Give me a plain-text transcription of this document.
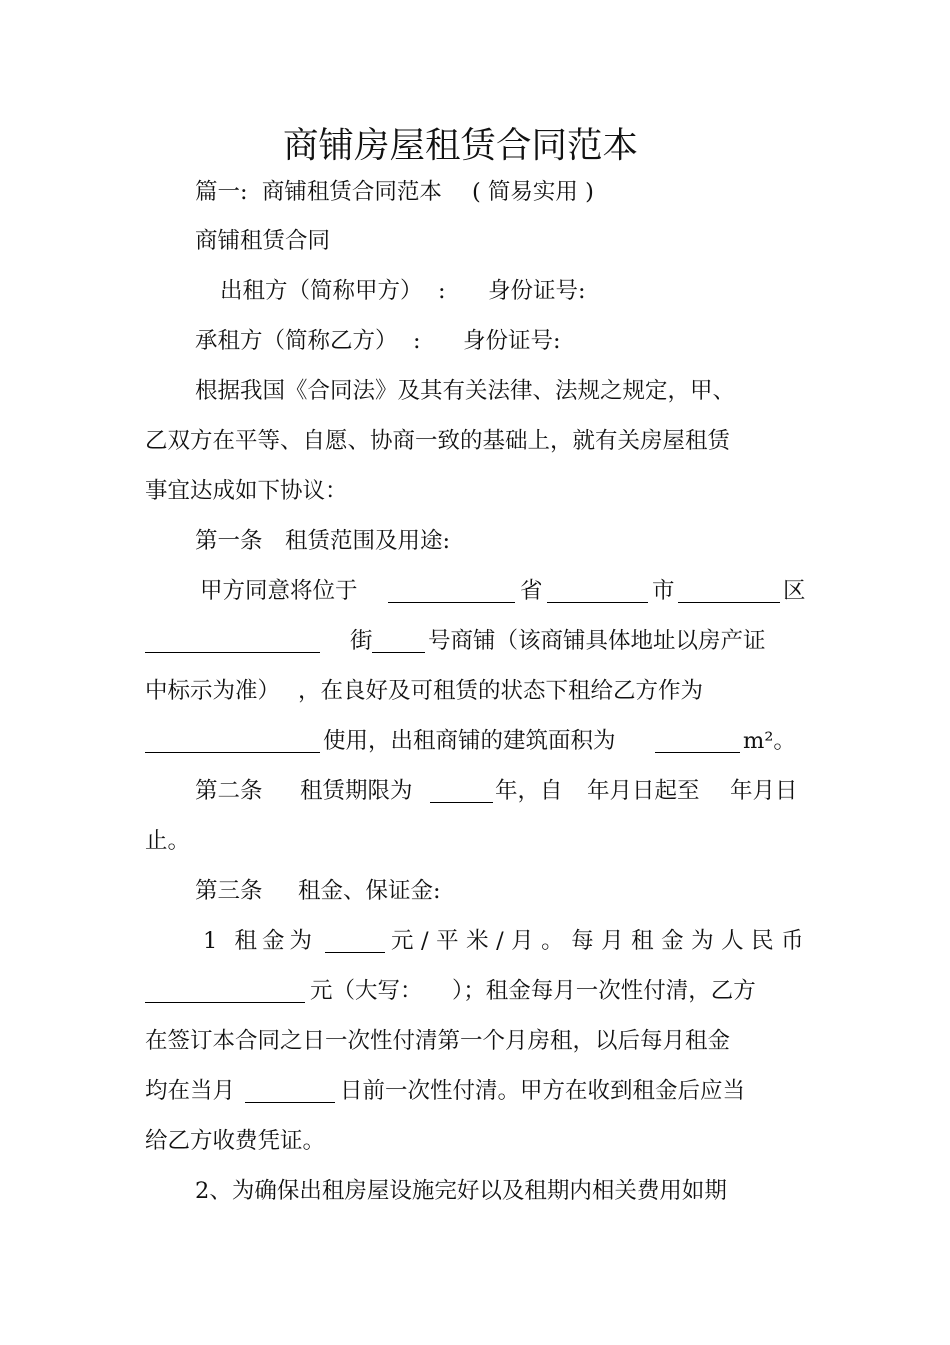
商铺房屋租赁合同范本
篇一:  商铺租赁合同范本 ( 简易实用 )
商铺租赁合同
出租方（简称甲方） : 身份证号:
承租方（简称乙方） : 身份证号:
根据我国《合同法》及其有关法律、法规之规定，甲、
乙双方在平等、自愿、协商一致的基础上，就有关房屋租赁
事宜达成如下协议：
第一条 租赁范围及用途:
甲方同意将位于	省	市	区
街 号商铺（该商铺具体地址以房产证
中标示为准） ，在良好及可租赁的状态下租给乙方作为
使用，出租商铺的建筑面积为	m²。
第二条 租赁期限为	年，自 年月日起至 年月日
止。
第三条 租金、保证金:
1 租金为	元/平米/月。每月租金为人民币
元（大写： ）；租金每月一次性付清，乙方
在签订本合同之日一次性付清第一个月房租，以后每月租金
均在当月	日前一次性付清。甲方在收到租金后应当
给乙方收费凭证。
2、为确保出租房屋设施完好以及租期内相关费用如期
